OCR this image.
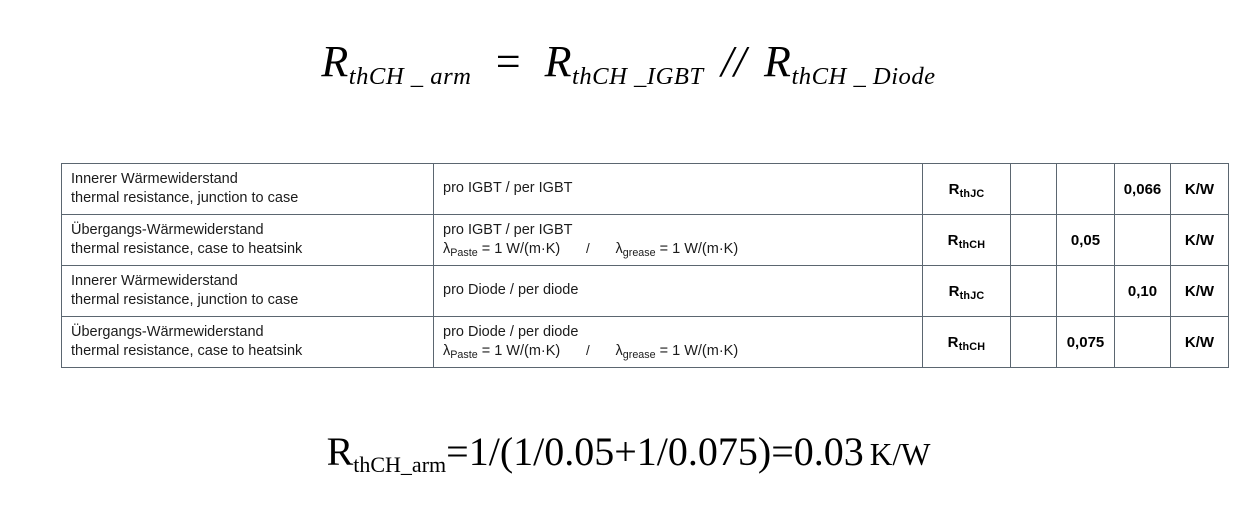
$R_{thCH \_ arm} = R_{thCH \_IGBT} // R_{thCH \_ Diode}$
Innerer Wärmewiderstand
thermal resistance, junction to case	pro IGBT / per IGBT	$R_{thJC}$			0,066	K/W

Übergangs-Wärmewiderstand
thermal resistance, case to heatsink	pro IGBT / per IGBT
$\lambda_{Paste} = 1$ $W/(m\cdot K) / \lambda_{grease} = 1$ W/(m·K)	$R_{thCH}$		0,05		K/W

Innerer Wärmewiderstand
thermal resistance, junction to case	pro Diode / per diode	$R_{thJC}$			0,10	K/W

Übergangs-Wärmewiderstand
thermal resistance, case to heatsink	pro Diode / per diode
$\lambda_{Paste} = 1$ $W/(m\cdot K) / \lambda_{grease} = 1$ W/(m·K)	$R_{thCH}$		0,075		K/W
$R_{thCH\_arm}=1/(1/0.05+1/0.075)=0.03$ K/W
